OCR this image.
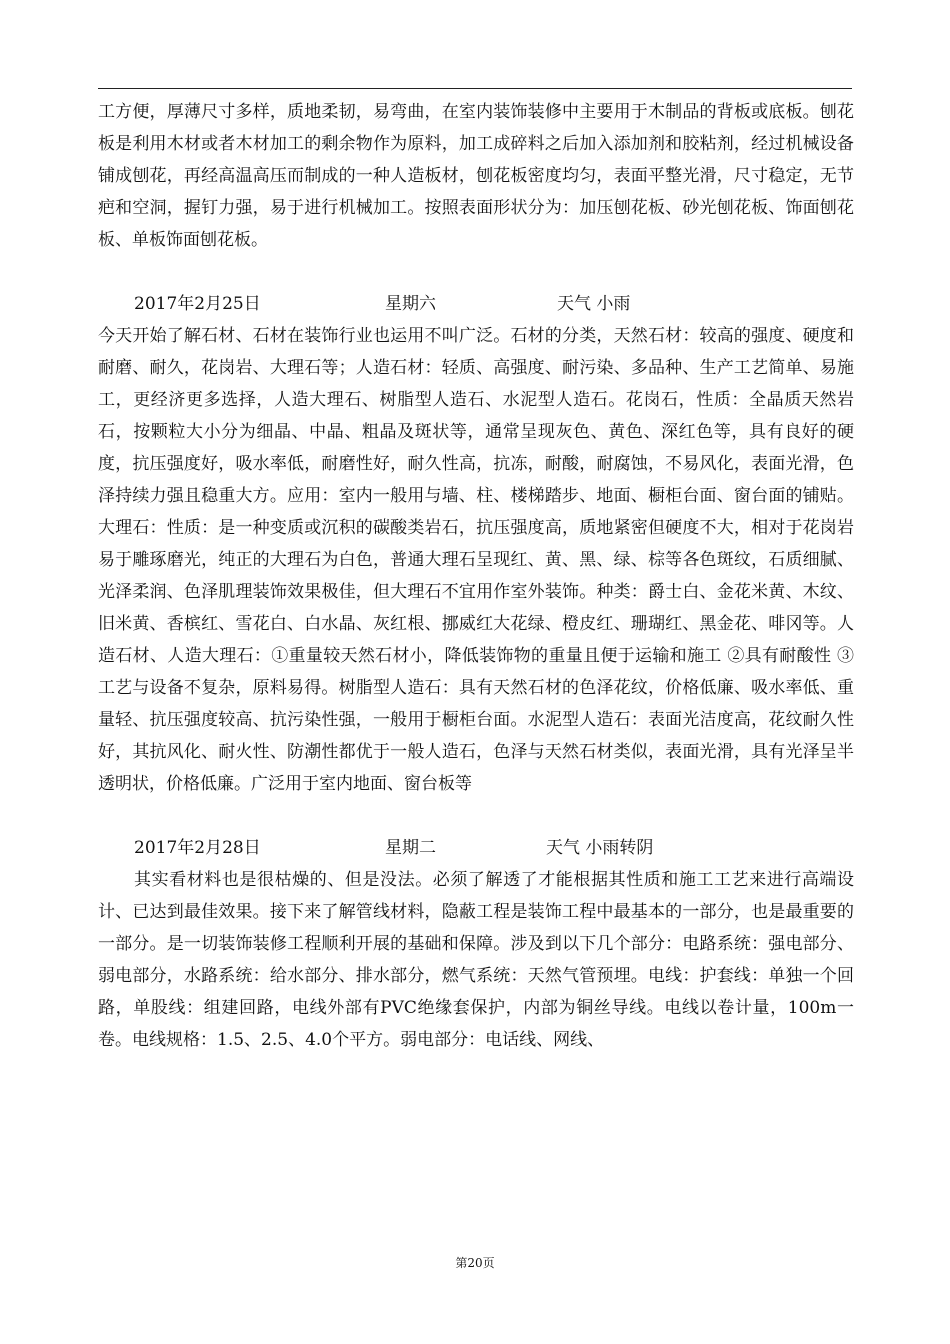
工方便，厚薄尺寸多样，质地柔韧，易弯曲，在室内装饰装修中主要用于木制品的背板或底板。刨花板是利用木材或者木材加工的剩余物作为原料，加工成碎料之后加入添加剂和胶粘剂，经过机械设备铺成刨花，再经高温高压而制成的一种人造板材，刨花板密度均匀，表面平整光滑，尺寸稳定，无节疤和空洞，握钉力强，易于进行机械加工。按照表面形状分为：加压刨花板、砂光刨花板、饰面刨花板、单板饰面刨花板。

2017年2月25日	星期六	天气 小雨

今天开始了解石材、石材在装饰行业也运用不叫广泛。石材的分类，天然石材：较高的强度、硬度和耐磨、耐久，花岗岩、大理石等；人造石材：轻质、高强度、耐污染、多品种、生产工艺简单、易施工，更经济更多选择，人造大理石、树脂型人造石、水泥型人造石。花岗石，性质：全晶质天然岩石，按颗粒大小分为细晶、中晶、粗晶及斑状等，通常呈现灰色、黄色、深红色等，具有良好的硬度，抗压强度好，吸水率低，耐磨性好，耐久性高，抗冻，耐酸，耐腐蚀，不易风化，表面光滑，色泽持续力强且稳重大方。应用：室内一般用与墙、柱、楼梯踏步、地面、橱柜台面、窗台面的铺贴。大理石：性质：是一种变质或沉积的碳酸类岩石，抗压强度高，质地紧密但硬度不大，相对于花岗岩易于雕琢磨光，纯正的大理石为白色，普通大理石呈现红、黄、黑、绿、棕等各色斑纹，石质细腻、光泽柔润、色泽肌理装饰效果极佳，但大理石不宜用作室外装饰。种类：爵士白、金花米黄、木纹、旧米黄、香槟红、雪花白、白水晶、灰红根、挪威红大花绿、橙皮红、珊瑚红、黑金花、啡冈等。人造石材、人造大理石：①重量较天然石材小，降低装饰物的重量且便于运输和施工 ②具有耐酸性 ③工艺与设备不复杂，原料易得。树脂型人造石：具有天然石材的色泽花纹，价格低廉、吸水率低、重量轻、抗压强度较高、抗污染性强，一般用于橱柜台面。水泥型人造石：表面光洁度高，花纹耐久性好，其抗风化、耐火性、防潮性都优于一般人造石，色泽与天然石材类似，表面光滑，具有光泽呈半透明状，价格低廉。广泛用于室内地面、窗台板等

2017年2月28日	星期二	天气 小雨转阴

其实看材料也是很枯燥的、但是没法。必须了解透了才能根据其性质和施工工艺来进行高端设计、已达到最佳效果。接下来了解管线材料，隐蔽工程是装饰工程中最基本的一部分，也是最重要的一部分。是一切装饰装修工程顺利开展的基础和保障。涉及到以下几个部分：电路系统：强电部分、弱电部分，水路系统：给水部分、排水部分，燃气系统：天然气管预埋。电线：护套线：单独一个回路，单股线：组建回路，电线外部有PVC绝缘套保护，内部为铜丝导线。电线以卷计量，100m一卷。电线规格：1.5、2.5、4.0个平方。弱电部分：电话线、网线、

第20页
